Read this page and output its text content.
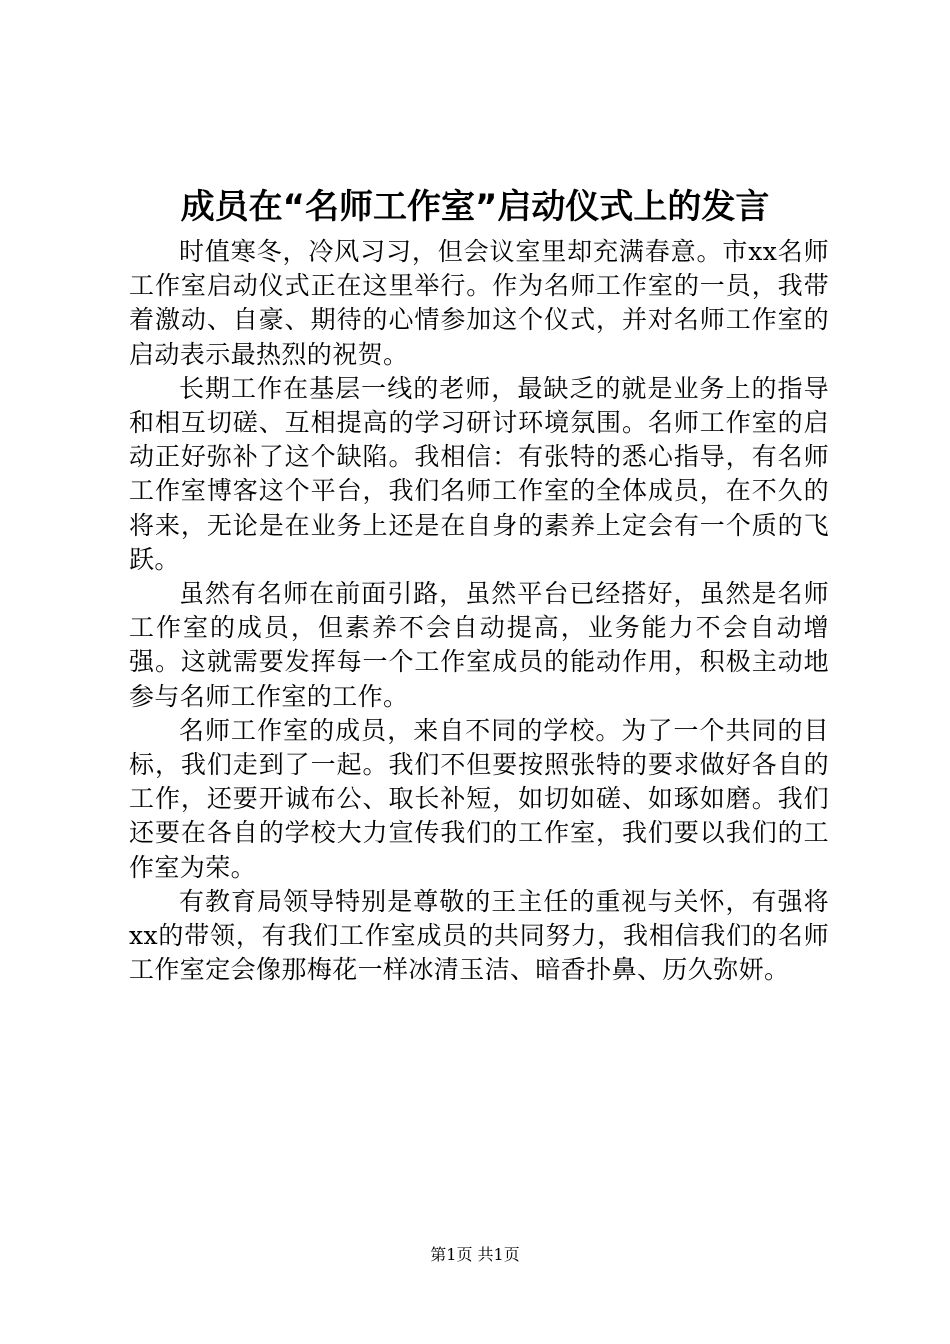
成员在“名师工作室”启动仪式上的发言

时值寒冬，冷风习习，但会议室里却充满春意。市xx名师工作室启动仪式正在这里举行。作为名师工作室的一员，我带着激动、自豪、期待的心情参加这个仪式，并对名师工作室的启动表示最热烈的祝贺。

长期工作在基层一线的老师，最缺乏的就是业务上的指导和相互切磋、互相提高的学习研讨环境氛围。名师工作室的启动正好弥补了这个缺陷。我相信：有张特的悉心指导，有名师工作室博客这个平台，我们名师工作室的全体成员，在不久的将来，无论是在业务上还是在自身的素养上定会有一个质的飞跃。

虽然有名师在前面引路，虽然平台已经搭好，虽然是名师工作室的成员，但素养不会自动提高，业务能力不会自动增强。这就需要发挥每一个工作室成员的能动作用，积极主动地参与名师工作室的工作。

名师工作室的成员，来自不同的学校。为了一个共同的目标，我们走到了一起。我们不但要按照张特的要求做好各自的工作，还要开诚布公、取长补短，如切如磋、如琢如磨。我们还要在各自的学校大力宣传我们的工作室，我们要以我们的工作室为荣。

有教育局领导特别是尊敬的王主任的重视与关怀，有强将xx的带领，有我们工作室成员的共同努力，我相信我们的名师工作室定会像那梅花一样冰清玉洁、暗香扑鼻、历久弥妍。

第1页 共1页
